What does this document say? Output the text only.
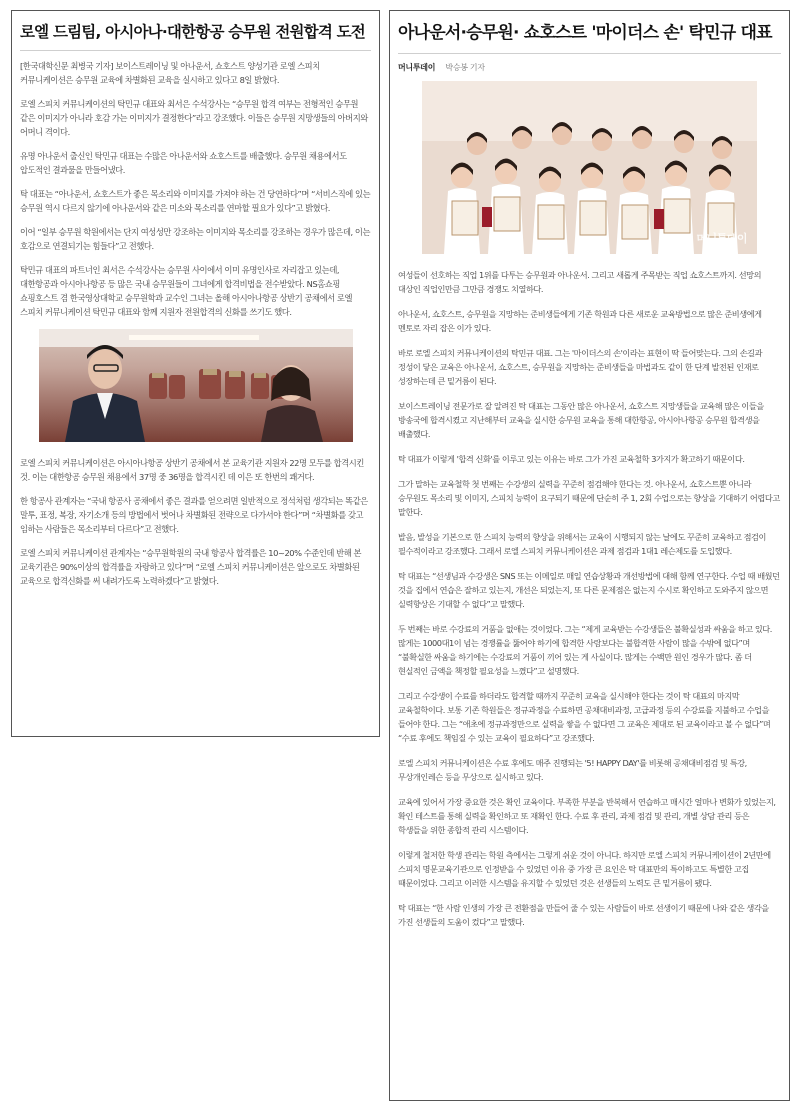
로엘 드림팀, 아시아나·대한항공 승무원 전원합격 도전
[한국대학신문 최병국 기자] 보이스트레이닝 및 아나운서, 쇼호스트 양성기관 로엘 스피치 커뮤니케이션은 승무원 교육에 차별화된 교육을 실시하고 있다고 8일 밝혔다.
로엘 스피치 커뮤니케이션의 탁민규 대표와 최서은 수석강사는 “승무원 합격 여부는 전형적인 승무원 같은 이미지가 아니라 호감 가는 이미지가 결정한다”라고 강조했다. 이들은 승무원 지망생들의 아버지와 어머니 격이다.
유명 아나운서 출신인 탁민규 대표는 수많은 아나운서와 쇼호스트를 배출했다. 승무원 채용에서도 압도적인 결과물을 만들어냈다.
탁 대표는 “아나운서, 쇼호스트가 좋은 목소리와 이미지를 가져야 하는 건 당연하다”며 “서비스직에 있는 승무원 역시 다르지 않기에 아나운서와 같은 미소와 목소리를 연마할 필요가 있다”고 밝혔다.
이어 “일부 승무원 학원에서는 단지 여성성만 강조하는 이미지와 목소리를 강조하는 경우가 많은데, 이는 호감으로 연결되기는 힘들다”고 전했다.
탁민규 대표의 파트너인 최서은 수석강사는 승무원 사이에서 이미 유명인사로 자리잡고 있는데, 대한항공과 아시아나항공 등 많은 국내 승무원들이 그녀에게 합격비법을 전수받았다. NS홈쇼핑 쇼핑호스트 겸 한국영상대학교 승무원학과 교수인 그녀는 올해 아시아나항공 상반기 공채에서 로엘 스피치 커뮤니케이션 탁민규 대표와 함께 지원자 전원합격의 신화를 쓰기도 했다.
로엘 스피치 커뮤니케이션은 아시아나항공 상반기 공채에서 본 교육기관 지원자 22명 모두를 합격시킨 것. 이는 대한항공 승무원 채용에서 37명 중 36명을 합격시킨 데 이은 또 한번의 쾌거다.
한 항공사 관계자는 “국내 항공사 공채에서 좋은 결과를 얻으려면 일반적으로 정석처럼 생각되는 똑같은 말투, 표정, 복장, 자기소개 등의 방법에서 벗어나 차별화된 전략으로 다가서야 한다”며 “차별화를 갖고 임하는 사람들은 목소리부터 다르다”고 전했다.
로엘 스피치 커뮤니케이션 관계자는 “승무원학원의 국내 항공사 합격률은 10~20% 수준인데 반해 본 교육기관은 90%이상의 합격률을 자랑하고 있다”며 “로엘 스피치 커뮤니케이션은 앞으로도 차별화된 교육으로 합격신화를 써 내려가도록 노력하겠다”고 밝혔다.
아나운서·승무원· 쇼호스트 '마이더스 손' 탁민규 대표
머니투데이 박승봉 기자
머니투데이
여성들이 선호하는 직업 1위를 다투는 승무원과 아나운서. 그리고 새롭게 주목받는 직업 쇼호스트까지. 선망의 대상인 직업인만큼 그만큼 경쟁도 치열하다.
아나운서, 쇼호스트, 승무원을 지망하는 준비생들에게 기존 학원과 다른 새로운 교육방법으로 많은 준비생에게 멘토로 자리 잡은 이가 있다.
바로 로엘 스피치 커뮤니케이션의 탁민규 대표. 그는 '마이더스의 손'이라는 표현이 딱 들어맞는다. 그의 손길과 정성이 닿은 교육은 아나운서, 쇼호스트, 승무원을 지망하는 준비생들을 마법과도 같이 한 단계 발전된 인재로 성장하는데 큰 밑거름이 된다.
보이스트레이닝 전문가로 잘 알려진 탁 대표는 그동안 많은 아나운서, 쇼호스트 지망생들을 교육해 많은 이들을 방송국에 합격시켰고 지난해부터 교육을 실시한 승무원 교육을 통해 대한항공, 아시아나항공 승무원 합격생을 배출했다.
탁 대표가 이렇게 '합격 신화'를 이루고 있는 이유는 바로 그가 가진 교육철학 3가지가 확고하기 때문이다.
그가 말하는 교육철학 첫 번째는 수강생의 실력을 꾸준히 점검해야 한다는 것. 아나운서, 쇼호스트뿐 아니라 승무원도 목소리 및 이미지, 스피치 능력이 요구되기 때문에 단순히 주 1, 2회 수업으로는 향상을 기대하기 어렵다고 말한다.
발음, 발성을 기본으로 한 스피치 능력의 향상을 위해서는 교육이 시행되지 않는 날에도 꾸준히 교육하고 점검이 필수적이라고 강조했다. 그래서 로엘 스피치 커뮤니케이션은 과제 점검과 1대1 레슨제도를 도입했다.
탁 대표는 “선생님과 수강생은 SNS 또는 이메일로 매일 연습상황과 개선방법에 대해 함께 연구한다. 수업 때 배웠던 것을 집에서 연습은 잘하고 있는지, 개선은 되었는지, 또 다른 문제점은 없는지 수시로 확인하고 도와주지 않으면 실력향상은 기대할 수 없다”고 말했다.
두 번째는 바로 수강료의 거품을 없애는 것이었다. 그는 “제게 교육받는 수강생들은 불확실성과 싸움을 하고 있다. 많게는 1000대1이 넘는 경쟁률을 뚫어야 하기에 합격한 사람보다는 불합격한 사람이 많을 수밖에 없다”며 “불확실한 싸움을 하기에는 수강료의 거품이 끼어 있는 게 사실이다. 많게는 수백만 원인 경우가 많다. 좀 더 현실적인 금액을 책정할 필요성을 느꼈다”고 설명했다.
그리고 수강생이 수료를 하더라도 합격할 때까지 꾸준히 교육을 실시해야 한다는 것이 탁 대표의 마지막 교육철학이다. 보통 기존 학원들은 정규과정을 수료하면 공채대비과정, 고급과정 등의 수강료를 지불하고 수업을 들어야 한다. 그는 “애초에 정규과정만으로 실력을 쌓을 수 없다면 그 교육은 제대로 된 교육이라고 볼 수 없다”며 “수료 후에도 책임질 수 있는 교육이 필요하다”고 강조했다.
로엘 스피치 커뮤니케이션은 수료 후에도 매주 진행되는 '5! HAPPY DAY'를 비롯해 공채대비점검 및 특강, 무상개인레슨 등을 무상으로 실시하고 있다.
교육에 있어서 가장 중요한 것은 확인 교육이다. 부족한 부분을 반복해서 연습하고 매시간 얼마나 변화가 있었는지, 확인 테스트를 통해 실력을 확인하고 또 재확인 한다. 수료 후 관리, 과제 점검 및 관리, 개별 상담 관리 등은 학생들을 위한 종합적 관리 시스템이다.
이렇게 철저한 학생 관리는 학원 측에서는 그렇게 쉬운 것이 아니다. 하지만 로엘 스피치 커뮤니케이션이 2년만에 스피치 명문교육기관으로 인정받을 수 있었던 이유 중 가장 큰 요인은 탁 대표만의 특이하고도 특별한 고집 때문이었다. 그리고 이러한 시스템을 유지할 수 있었던 것은 선생들의 노력도 큰 밑거름이 됐다.
탁 대표는 “한 사람 인생의 가장 큰 전환점을 만들어 줄 수 있는 사람들이 바로 선생이기 때문에 나와 같은 생각을 가진 선생들의 도움이 컸다”고 말했다.
